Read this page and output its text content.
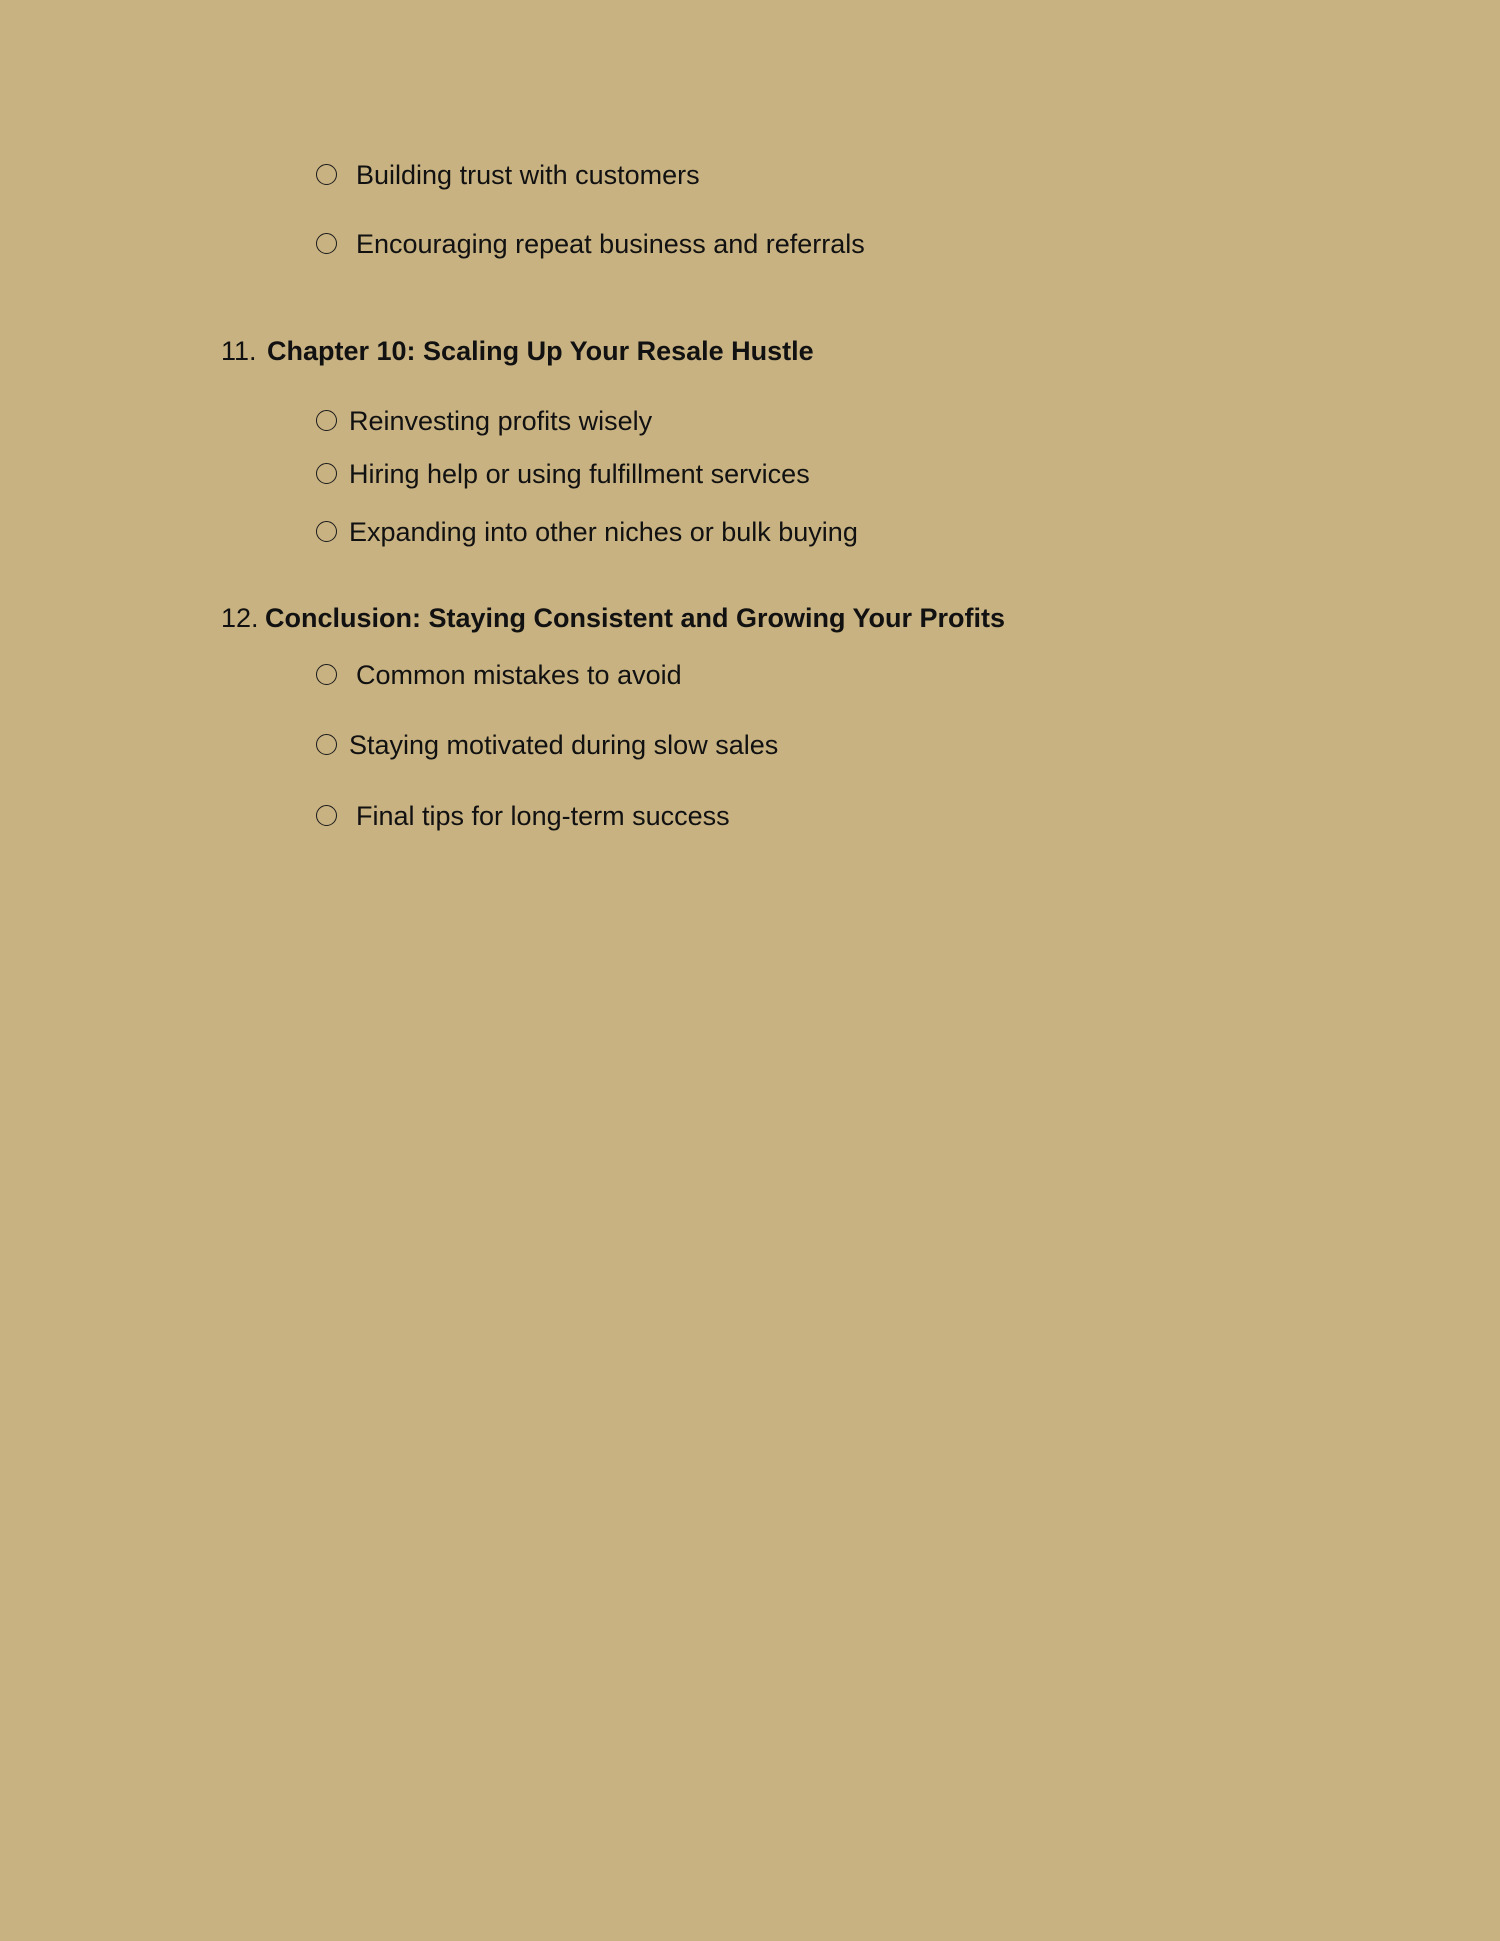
Building trust with customers
Encouraging repeat business and referrals
11. Chapter 10: Scaling Up Your Resale Hustle
Reinvesting profits wisely
Hiring help or using fulfillment services
Expanding into other niches or bulk buying
12. Conclusion: Staying Consistent and Growing Your Profits
Common mistakes to avoid
Staying motivated during slow sales
Final tips for long-term success
